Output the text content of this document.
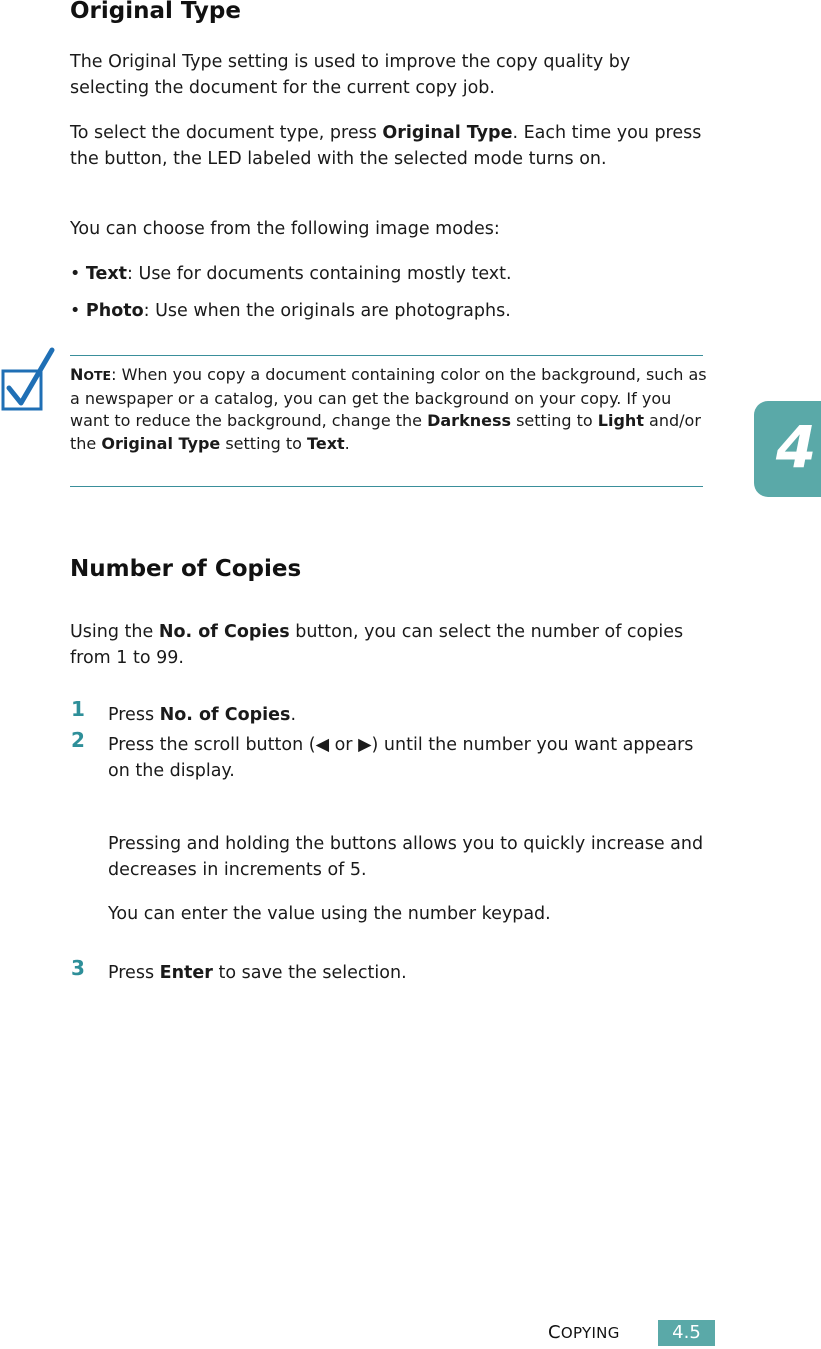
Original Type

The Original Type setting is used to improve the copy quality by selecting the document for the current copy job.

To select the document type, press Original Type. Each time you press the button, the LED labeled with the selected mode turns on.

You can choose from the following image modes:

• Text: Use for documents containing mostly text.

• Photo: Use when the originals are photographs.

NOTE: When you copy a document containing color on the background, such as a newspaper or a catalog, you can get the background on your copy. If you want to reduce the background, change the Darkness setting to Light and/or the Original Type setting to Text.	4
Number of Copies

Using the No. of Copies button, you can select the number of copies from 1 to 99.

1 Press No. of Copies.

2 Press the scroll button (◀ or ▶) until the number you want appears on the display.

Pressing and holding the buttons allows you to quickly increase and decreases in increments of 5.

You can enter the value using the number keypad.

3 Press Enter to save the selection.

COPYING	4.5
